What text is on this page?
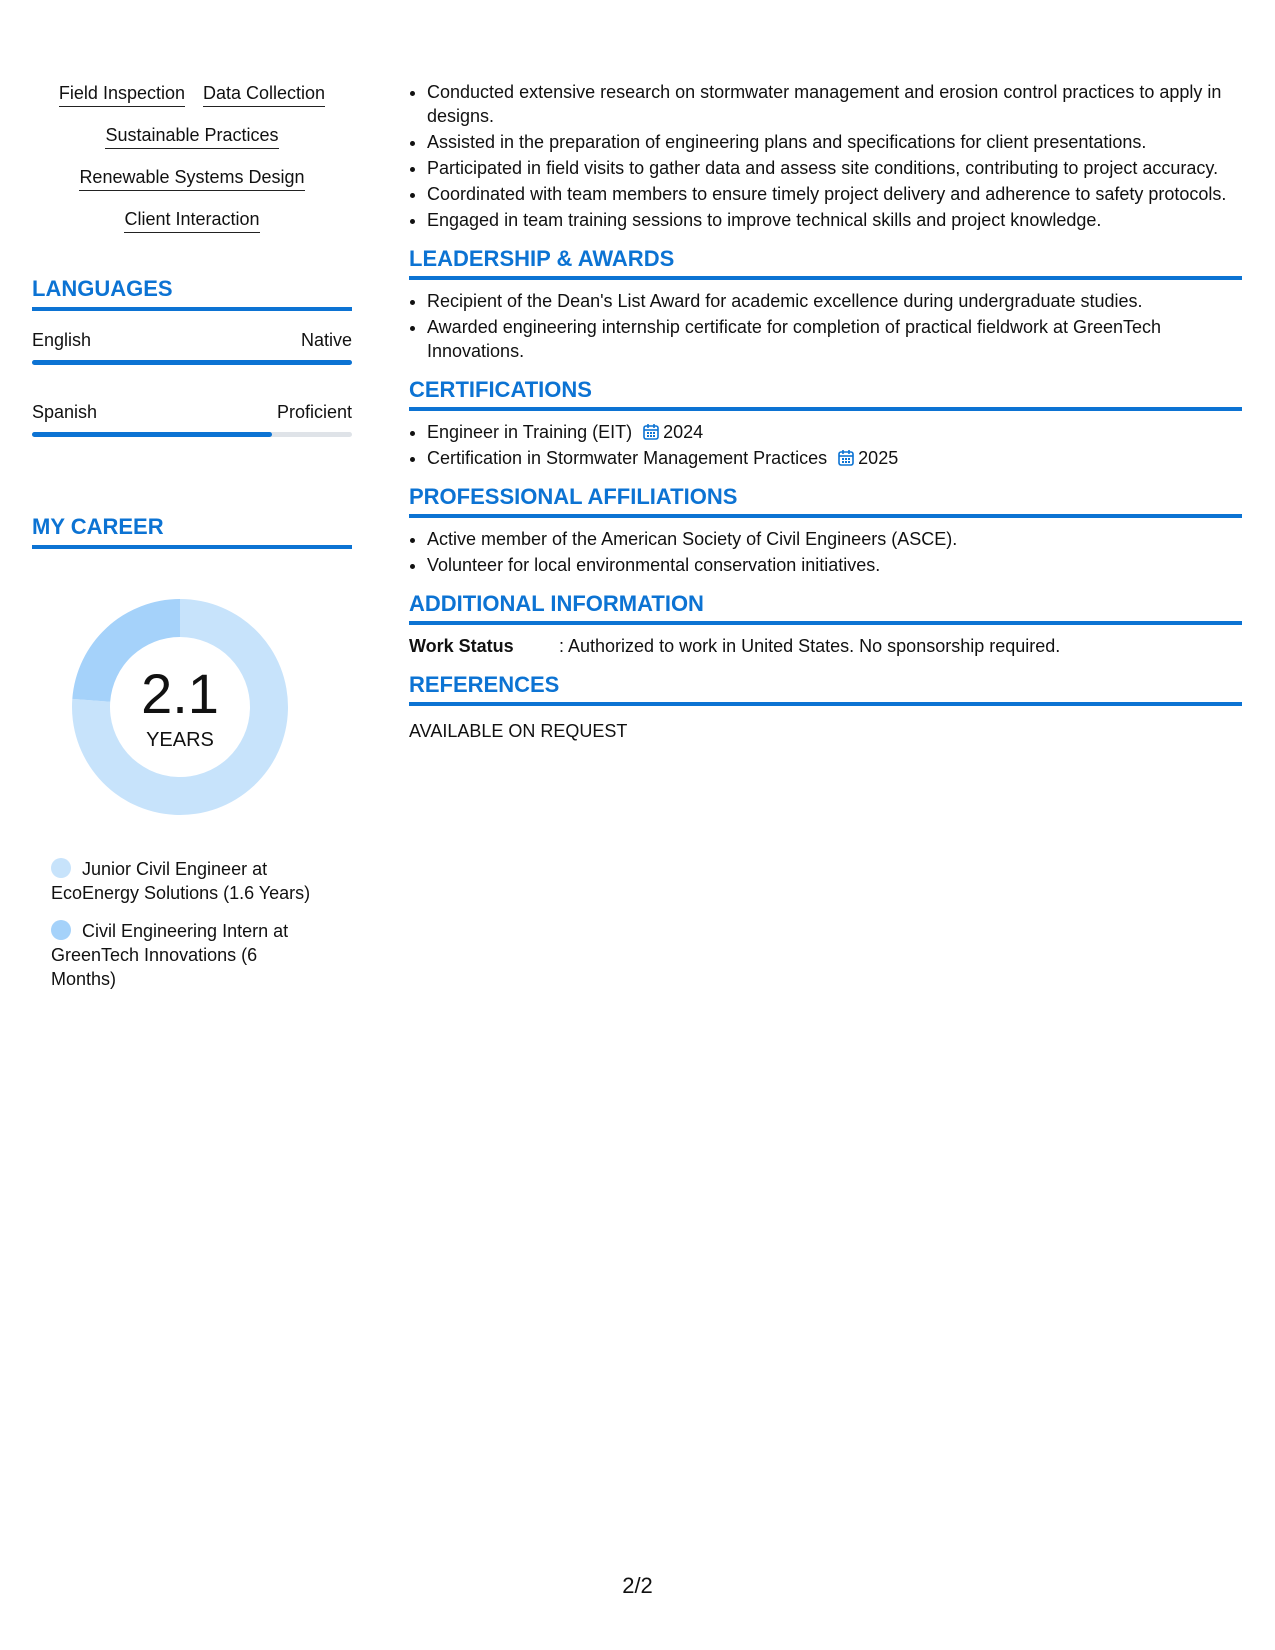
Field Inspection Data Collection
Sustainable Practices
Renewable Systems Design
Client Interaction
LANGUAGES
English	Native
Spanish	Proficient
MY CAREER
2.1
YEARS
Junior Civil Engineer at EcoEnergy Solutions (1.6 Years)
Civil Engineering Intern at GreenTech Innovations (6 Months)
• Conducted extensive research on stormwater management and erosion control practices to apply in designs.
• Assisted in the preparation of engineering plans and specifications for client presentations.
• Participated in field visits to gather data and assess site conditions, contributing to project accuracy.
• Coordinated with team members to ensure timely project delivery and adherence to safety protocols.
• Engaged in team training sessions to improve technical skills and project knowledge.
LEADERSHIP & AWARDS
• Recipient of the Dean's List Award for academic excellence during undergraduate studies.
• Awarded engineering internship certificate for completion of practical fieldwork at GreenTech Innovations.
CERTIFICATIONS
• Engineer in Training (EIT) 2024
• Certification in Stormwater Management Practices 2025
PROFESSIONAL AFFILIATIONS
• Active member of the American Society of Civil Engineers (ASCE).
• Volunteer for local environmental conservation initiatives.
ADDITIONAL INFORMATION
Work Status	: Authorized to work in United States. No sponsorship required.
REFERENCES
AVAILABLE ON REQUEST
2/2
